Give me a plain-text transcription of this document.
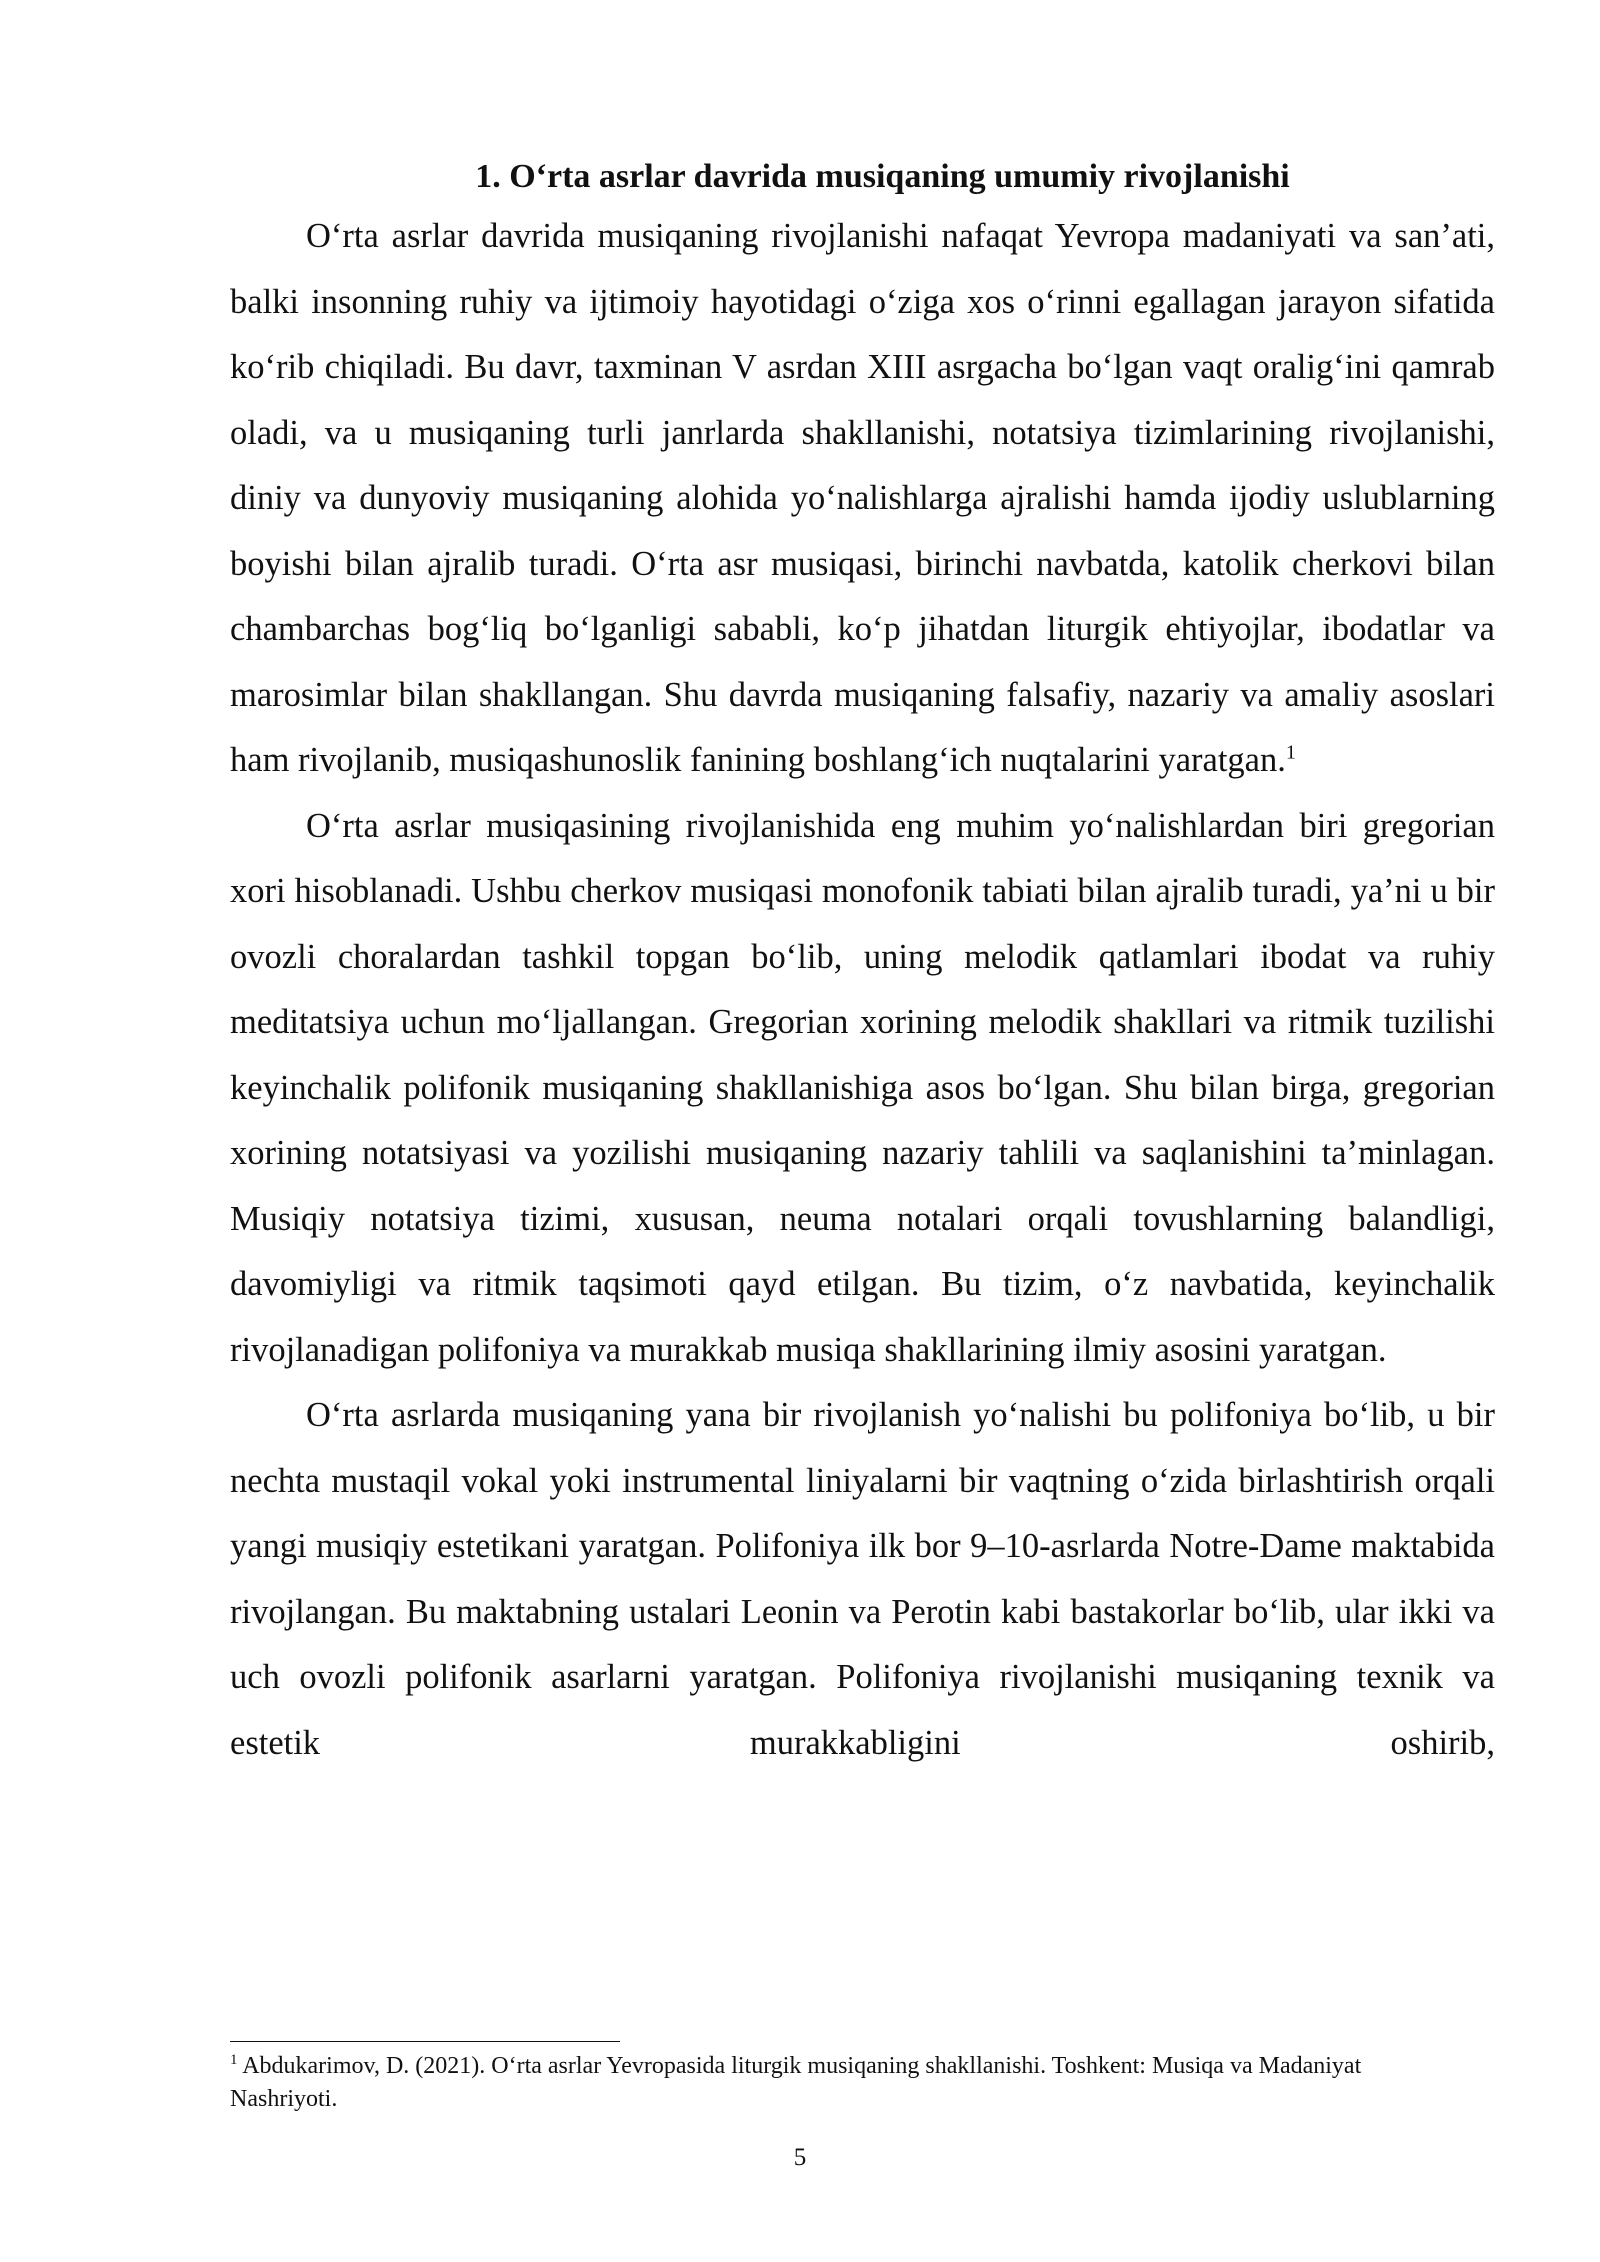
1. O‘rta asrlar davrida musiqaning umumiy rivojlanishi

O‘rta asrlar davrida musiqaning rivojlanishi nafaqat Yevropa madaniyati va san’ati, balki insonning ruhiy va ijtimoiy hayotidagi o‘ziga xos o‘rinni egallagan jarayon sifatida ko‘rib chiqiladi. Bu davr, taxminan V asrdan XIII asrgacha bo‘lgan vaqt oralig‘ini qamrab oladi, va u musiqaning turli janrlarda shakllanishi, notatsiya tizimlarining rivojlanishi, diniy va dunyoviy musiqaning alohida yo‘nalishlarga ajralishi hamda ijodiy uslublarning boyishi bilan ajralib turadi. O‘rta asr musiqasi, birinchi navbatda, katolik cherkovi bilan chambarchas bog‘liq bo‘lganligi sababli, ko‘p jihatdan liturgik ehtiyojlar, ibodatlar va marosimlar bilan shakllangan. Shu davrda musiqaning falsafiy, nazariy va amaliy asoslari ham rivojlanib, musiqashunoslik fanining boshlang‘ich nuqtalarini yaratgan.$^1$

O‘rta asrlar musiqasining rivojlanishida eng muhim yo‘nalishlardan biri gregorian xori hisoblanadi. Ushbu cherkov musiqasi monofonik tabiati bilan ajralib turadi, ya’ni u bir ovozli choralardan tashkil topgan bo‘lib, uning melodik qatlamlari ibodat va ruhiy meditatsiya uchun mo‘ljallangan. Gregorian xorining melodik shakllari va ritmik tuzilishi keyinchalik polifonik musiqaning shakllanishiga asos bo‘lgan. Shu bilan birga, gregorian xorining notatsiyasi va yozilishi musiqaning nazariy tahlili va saqlanishini ta’minlagan. Musiqiy notatsiya tizimi, xususan, neuma notalari orqali tovushlarning balandligi, davomiyligi va ritmik taqsimoti qayd etilgan. Bu tizim, o‘z navbatida, keyinchalik rivojlanadigan polifoniya va murakkab musiqa shakllarining ilmiy asosini yaratgan.

O‘rta asrlarda musiqaning yana bir rivojlanish yo‘nalishi bu polifoniya bo‘lib, u bir nechta mustaqil vokal yoki instrumental liniyalarni bir vaqtning o‘zida birlashtirish orqali yangi musiqiy estetikani yaratgan. Polifoniya ilk bor 9–10-asrlarda Notre-Dame maktabida rivojlangan. Bu maktabning ustalari Leonin va Perotin kabi bastakorlar bo‘lib, ular ikki va uch ovozli polifonik asarlarni yaratgan. Polifoniya rivojlanishi musiqaning texnik va estetik murakkabligini oshirib,

$^1$ Abdukarimov, D. (2021). O‘rta asrlar Yevropasida liturgik musiqaning shakllanishi. Toshkent: Musiqa va Madaniyat Nashriyoti.

5
